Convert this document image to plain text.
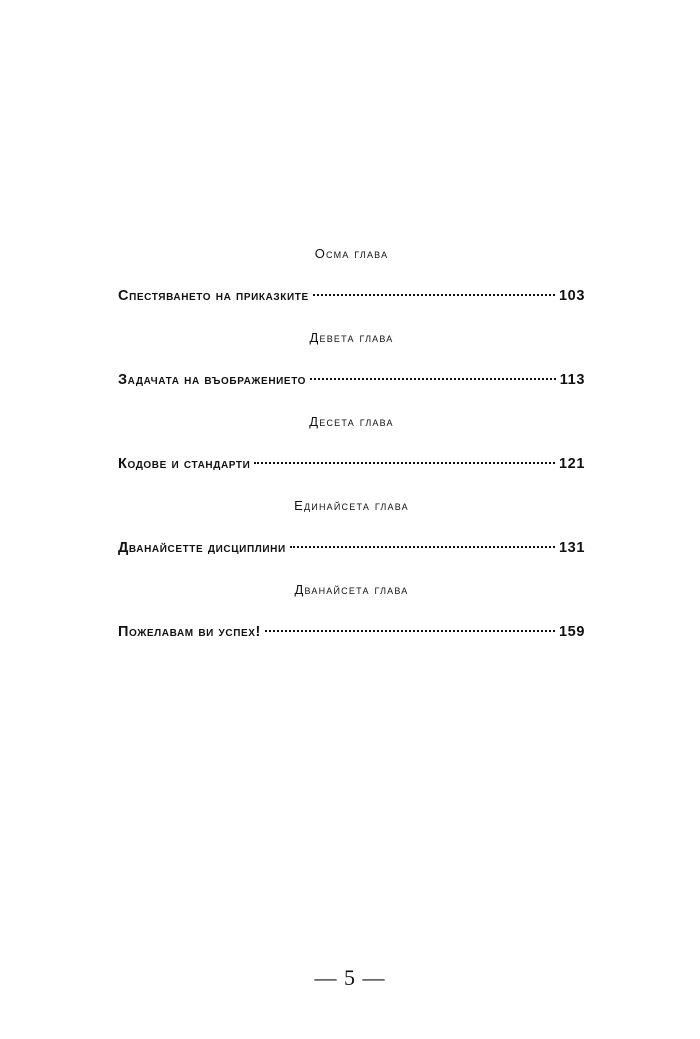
Осма глава
Спестяването на приказките	103
Девета глава
Задачата на въображението	113
Десета глава
Кодове и стандарти	121
Единайсета глава
Дванайсетте дисциплини	131
Дванайсета глава
Пожелавам ви успех!	159
— 5 —
